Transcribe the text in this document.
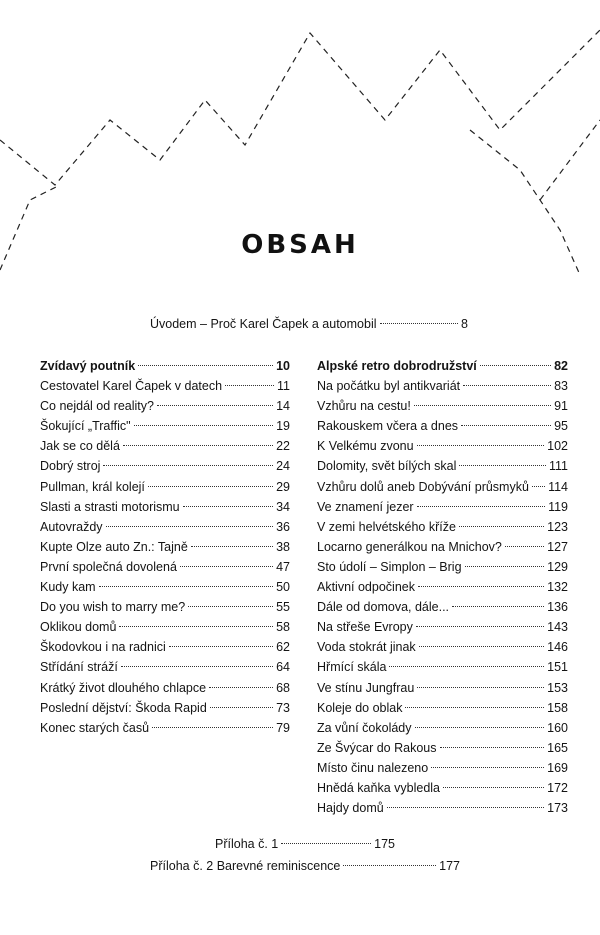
OBSAH
Úvodem – Proč Karel Čapek a automobil	8
Zvídavý poutník	10
Cestovatel Karel Čapek v datech	11
Co nejdál od reality?	14
Šokující „Traffic"	19
Jak se co dělá	22
Dobrý stroj	24
Pullman, král kolejí	29
Slasti a strasti motorismu	34
Autovraždy	36
Kupte Olze auto Zn.: Tajně	38
První společná dovolená	47
Kudy kam	50
Do you wish to marry me?	55
Oklikou domů	58
Škodovkou i na radnici	62
Střídání stráží	64
Krátký život dlouhého chlapce	68
Poslední dějství: Škoda Rapid	73
Konec starých časů	79
Alpské retro dobrodružství	82
Na počátku byl antikvariát	83
Vzhůru na cestu!	91
Rakouskem včera a dnes	95
K Velkému zvonu	102
Dolomity, svět bílých skal	111
Vzhůru dolů aneb Dobývání průsmyků 114
Ve znamení jezer	119
V zemi helvétského kříže	123
Locarno generálkou na Mnichov?	127
Sto údolí – Simplon – Brig	129
Aktivní odpočinek	132
Dále od domova, dále...	136
Na střeše Evropy	143
Voda stokrát jinak	146
Hřmící skála	151
Ve stínu Jungfrau	153
Koleje do oblak	158
Za vůní čokolády	160
Ze Švýcar do Rakous	165
Místo činu nalezeno	169
Hnědá kaňka vybledla	172
Hajdy domů	173
Příloha č. 1	175
Příloha č. 2 Barevné reminiscence	177
